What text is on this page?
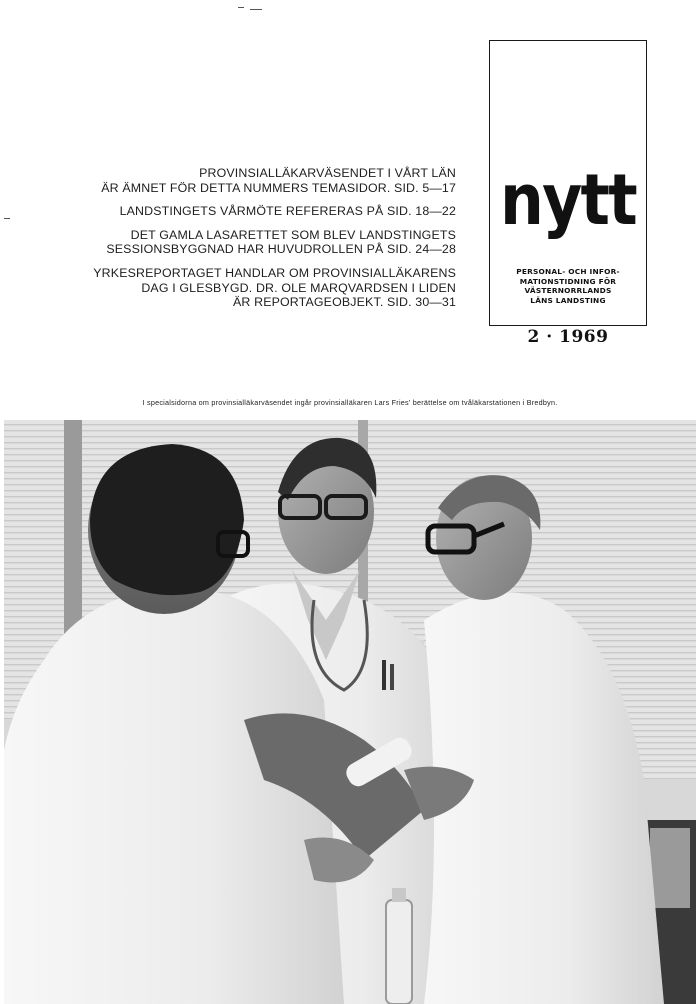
PROVINSIALLÄKARVÄSENDET I VÅRT LÄN
ÄR ÄMNET FÖR DETTA NUMMERS TEMASIDOR. SID. 5—17

LANDSTINGETS VÅRMÖTE REFERERAS PÅ SID. 18—22

DET GAMLA LASARETTET SOM BLEV LANDSTINGETS
SESSIONSBYGGNAD HAR HUVUDROLLEN PÅ SID. 24—28

YRKESREPORTAGET HANDLAR OM PROVINSIALLÄKARENS
DAG I GLESBYGD. DR. OLE MARQVARDSEN I LIDEN
ÄR REPORTAGEOBJEKT. SID. 30—31

nytt
PERSONAL- OCH INFOR-
MATIONSTIDNING FÖR
VÄSTERNORRLANDS
LÄNS LANDSTING
2 · 1969
I specialsidorna om provinsialläkarväsendet ingår provinsialläkaren Lars Fries' berättelse om tvåläkarstationen i Bredbyn.
